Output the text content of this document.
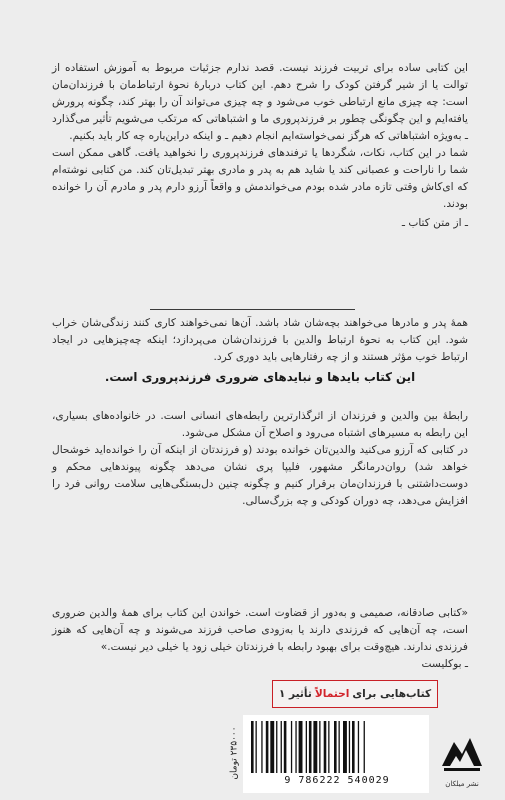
این کتابی ساده برای تربیت فرزند نیست. قصد ندارم جزئیات مربوط به آموزش استفاده از توالت یا از شیر گرفتن کودک را شرح دهم. این کتاب دربارهٔ نحوهٔ ارتباط‌مان با فرزندان‌مان است: چه چیزی مانع ارتباطی خوب می‌شود و چه چیزی می‌تواند آن را بهتر کند، چگونه پرورش یافته‌ایم و این چگونگی چطور بر فرزندپروری ما و اشتباهاتی که مرتکب می‌شویم تأثیر می‌گذارد ـ به‌ویژه اشتباهاتی که هرگز نمی‌خواسته‌ایم انجام دهیم ـ و اینکه دراین‌باره چه کار باید بکنیم.

شما در این کتاب، نکات، شگردها یا ترفندهای فرزندپروری را نخواهید یافت. گاهی ممکن است شما را ناراحت و عصبانی کند یا شاید هم به پدر و مادری بهتر تبدیل‌تان کند. من کتابی نوشته‌ام که ای‌کاش وقتی تازه مادر شده بودم می‌خواندمش و واقعاً آرزو دارم پدر و مادرم آن را خوانده بودند.

ـ از متن کتاب ـ

همهٔ پدر و مادرها می‌خواهند بچه‌شان شاد باشد. آن‌ها نمی‌خواهند کاری کنند زندگی‌شان خراب شود. این کتاب به نحوهٔ ارتباط والدین با فرزندان‌شان می‌پردازد؛ اینکه چه‌چیزهایی در ایجاد ارتباط خوب مؤثر هستند و از چه رفتارهایی باید دوری کرد.

این کتاب بایدها و نبایدهای ضروری فرزندپروری است.

رابطهٔ بین والدین و فرزندان از اثرگذارترین رابطه‌های انسانی است. در خانواده‌های بسیاری، این رابطه به مسیرهای اشتباه می‌رود و اصلاح آن مشکل می‌شود.

در کتابی که آرزو می‌کنید والدین‌تان خوانده بودند (و فرزندتان از اینکه آن را خوانده‌اید خوشحال خواهد شد) روان‌درمانگر مشهور، فلیپا پری نشان می‌دهد چگونه پیوندهایی محکم و دوست‌داشتنی با فرزندان‌مان برقرار کنیم و چگونه چنین دل‌بستگی‌هایی سلامت روانی فرد را افزایش می‌دهد، چه دوران کودکی و چه بزرگ‌سالی.

«کتابی صادقانه، صمیمی و به‌دور از قضاوت است. خواندن این کتاب برای همهٔ والدین ضروری است، چه آن‌هایی که فرزندی دارند یا به‌زودی صاحب فرزند می‌شوند و چه آن‌هایی که هنوز فرزندی ندارند. هیچ‌وقت برای بهبود رابطه با فرزندتان خیلی زود یا خیلی دیر نیست.»

ـ بوکلیست

کتاب‌هایی برای
احتمالاً
تأثیر ۱
۲۳۵۰۰۰ تومان
9 786222 540029	نشر میلکان
